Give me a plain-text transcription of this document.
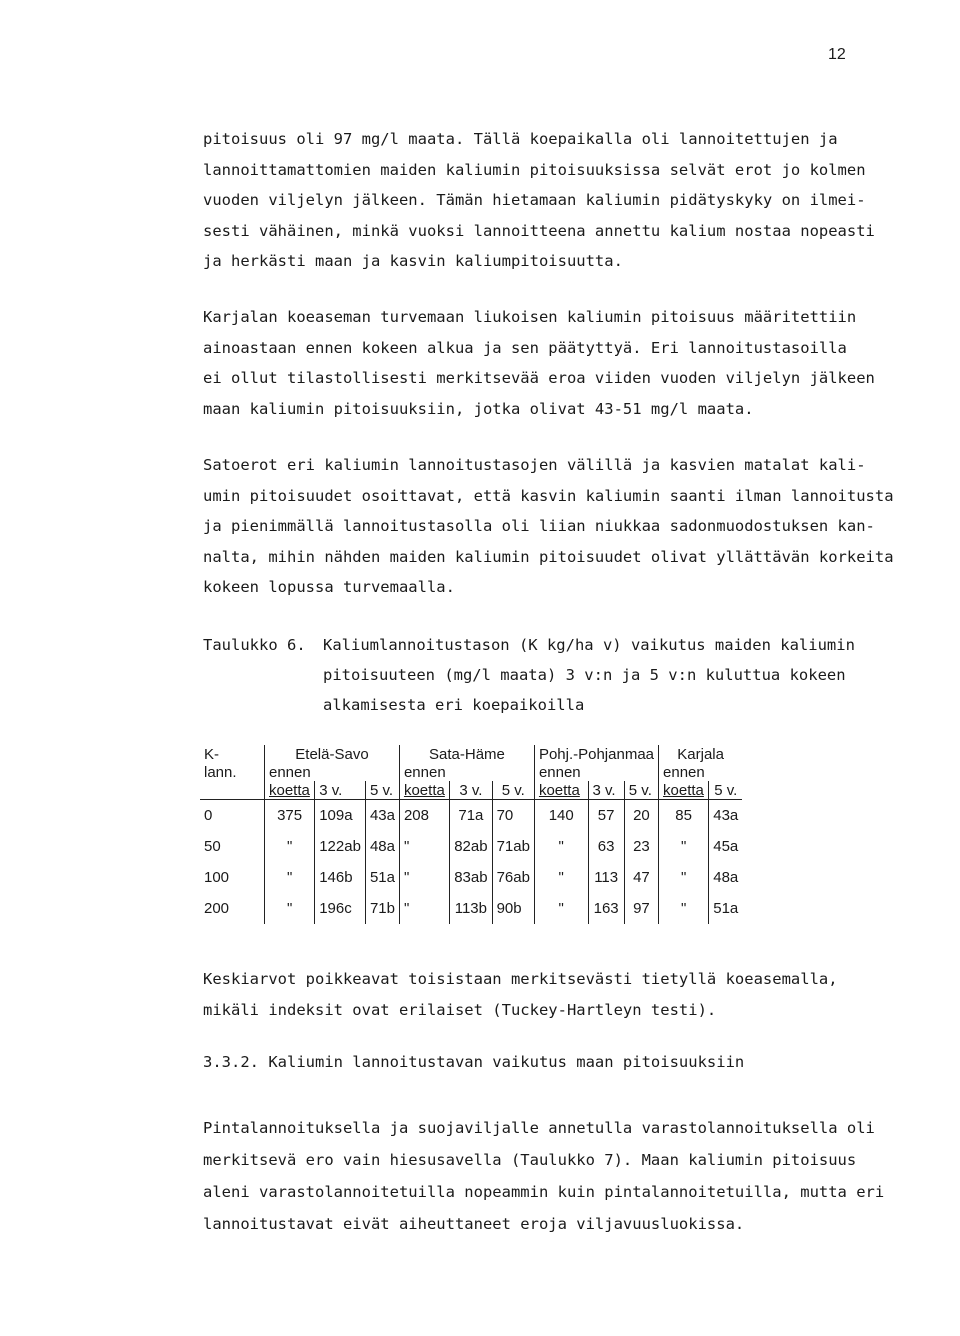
12

pitoisuus oli 97 mg/l maata. Tällä koepaikalla oli lannoitettujen ja
lannoittamattomien maiden kaliumin pitoisuuksissa selvät erot jo kolmen
vuoden viljelyn jälkeen. Tämän hietamaan kaliumin pidätyskyky on ilmei-
sesti vähäinen, minkä vuoksi lannoitteena annettu kalium nostaa nopeasti
ja herkästi maan ja kasvin kaliumpitoisuutta.

Karjalan koeaseman turvemaan liukoisen kaliumin pitoisuus määritettiin
ainoastaan ennen kokeen alkua ja sen päätyttyä. Eri lannoitustasoilla
ei ollut tilastollisesti merkitsevää eroa viiden vuoden viljelyn jälkeen
maan kaliumin pitoisuuksiin, jotka olivat 43-51 mg/l maata.

Satoerot eri kaliumin lannoitustasojen välillä ja kasvien matalat kali-
umin pitoisuudet osoittavat, että kasvin kaliumin saanti ilman lannoitusta
ja pienimmällä lannoitustasolla oli liian niukkaa sadonmuodostuksen kan-
nalta, mihin nähden maiden kaliumin pitoisuudet olivat yllättävän korkeita
kokeen lopussa turvemaalla.

Taulukko 6. Kaliumlannoitustason (K kg/ha v) vaikutus maiden kaliumin
pitoisuuteen (mg/l maata) 3 v:n ja 5 v:n kuluttua kokeen
alkamisesta eri koepaikoilla
K-	Etelä-Savo			Sata-Häme			Pohj.-Pohjanmaa			Karjala	
lann.	ennen			ennen			ennen			ennen	
	koetta	3 v.	5 v.	koetta	3 v.	5 v.	koetta	3 v.	5 v.	koetta	5 v.
0	375	109a	43a	208	71a	70	140	57	20	85	43a
50	"	122ab	48a	"	82ab	71ab	"	63	23	"	45a
100	"	146b	51a	"	83ab	76ab	"	113	47	"	48a
200	"	196c	71b	"	113b	90b	"	163	97	"	51a

Keskiarvot poikkeavat toisistaan merkitsevästi tietyllä koeasemalla,
mikäli indeksit ovat erilaiset (Tuckey-Hartleyn testi).

3.3.2. Kaliumin lannoitustavan vaikutus maan pitoisuuksiin

Pintalannoituksella ja suojaviljalle annetulla varastolannoituksella oli
merkitsevä ero vain hiesusavella (Taulukko 7). Maan kaliumin pitoisuus
aleni varastolannoitetuilla nopeammin kuin pintalannoitetuilla, mutta eri
lannoitustavat eivät aiheuttaneet eroja viljavuusluokissa.
